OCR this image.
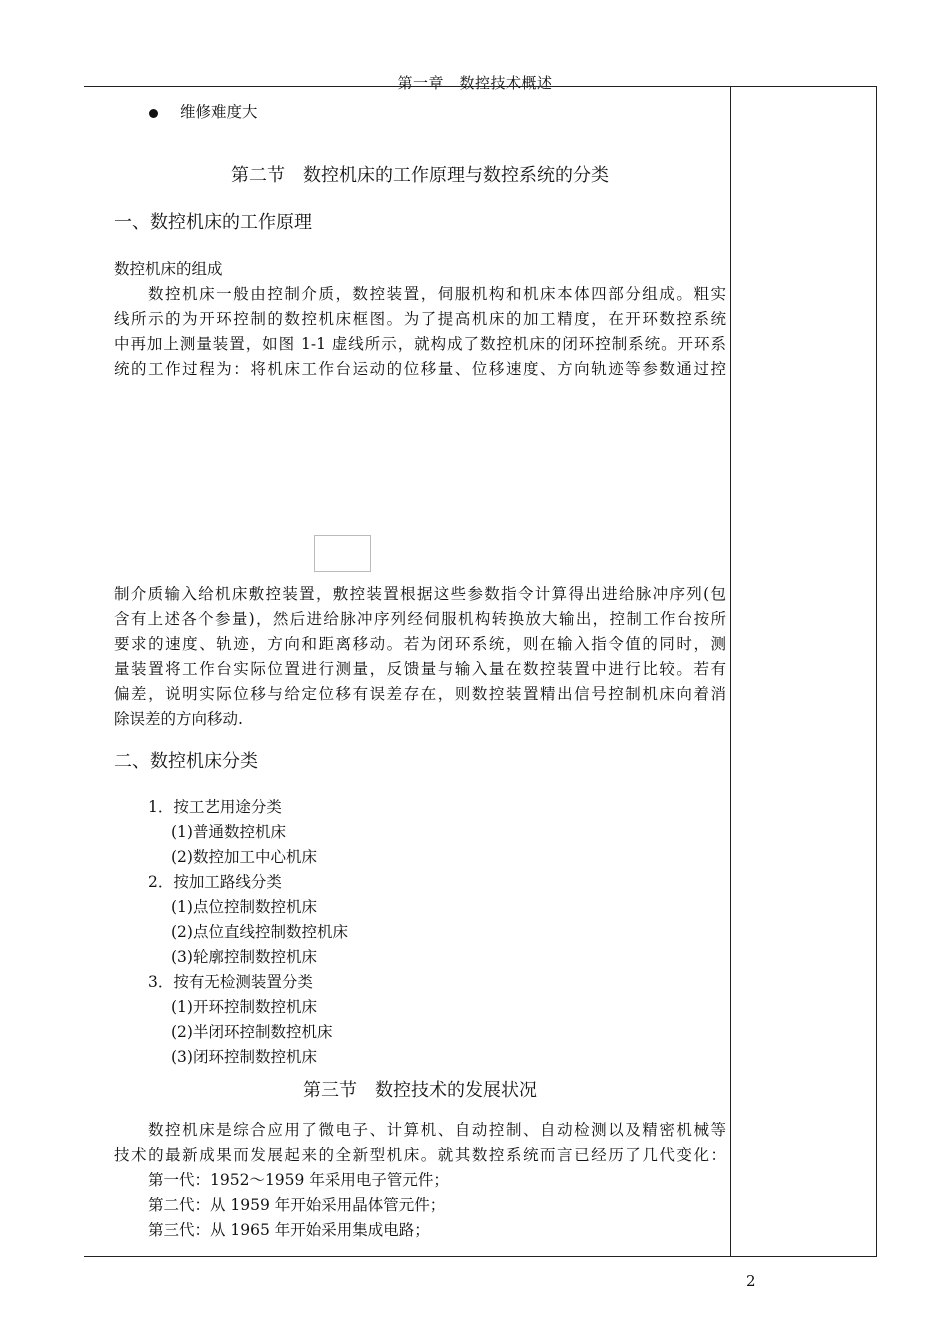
第一章　数控技术概述
维修难度大
第二节　数控机床的工作原理与数控系统的分类
一、数控机床的工作原理
数控机床的组成
数控机床一般由控制介质，数控装置，伺服机构和机床本体四部分组成。粗实
线所示的为开环控制的数控机床框图。为了提高机床的加工精度，在开环数控系统
中再加上测量装置，如图 1-1 虚线所示，就构成了数控机床的闭环控制系统。开环系
统的工作过程为：将机床工作台运动的位移量、位移速度、方向轨迹等参数通过控
制介质输入给机床敷控装置，敷控装置根据这些参数指令计算得出进给脉冲序列(包
含有上述各个参量)，然后进给脉冲序列经伺服机构转换放大输出，控制工作台按所
要求的速度、轨迹，方向和距离移动。若为闭环系统，则在输入指令值的同时，测
量装置将工作台实际位置进行测量，反馈量与输入量在数控装置中进行比较。若有
偏差，说明实际位移与给定位移有误差存在，则数控装置精出信号控制机床向着消
除误差的方向移动.
二、数控机床分类
1．按工艺用途分类
(1)普通数控机床
(2)数控加工中心机床
2．按加工路线分类
(1)点位控制数控机床
(2)点位直线控制数控机床
(3)轮廓控制数控机床
3．按有无检测装置分类
(1)开环控制数控机床
(2)半闭环控制数控机床
(3)闭环控制数控机床
第三节　数控技术的发展状况
数控机床是综合应用了微电子、计算机、自动控制、自动检测以及精密机械等
技术的最新成果而发展起来的全新型机床。就其数控系统而言已经历了几代变化：
第一代：1952～1959 年采用电子管元件；
第二代：从 1959 年开始采用晶体管元件；
第三代：从 1965 年开始采用集成电路；
2
